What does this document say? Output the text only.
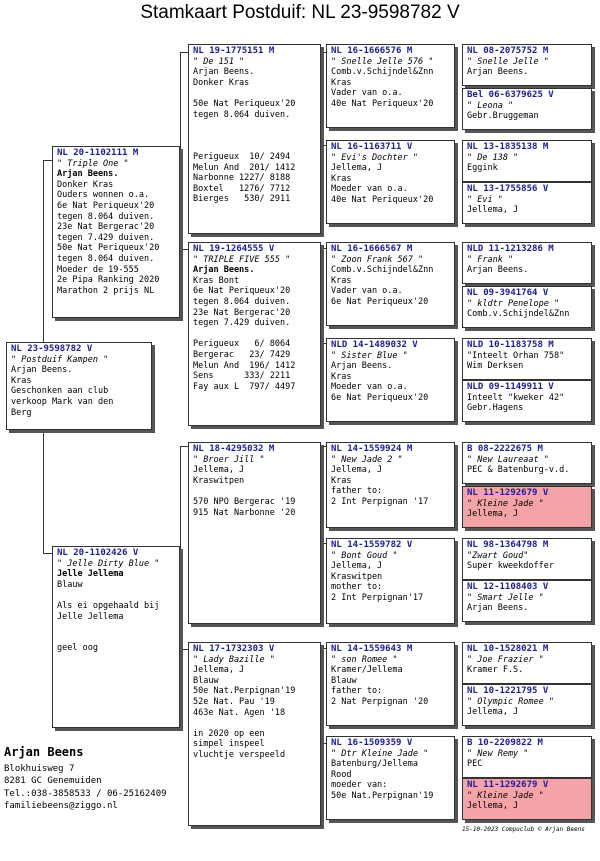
Stamkaart Postduif: NL 23-9598782 V
NL 23-9598782 V
" Postduif Kampen "
Arjan Beens.
Kras
Geschonken aan club
verkoop Mark van den
Berg
NL 20-1102111 M
" Triple One "
Arjan Beens.
Donker Kras
Ouders wonnen o.a.
6e Nat Periqueux'20
tegen 8.064 duiven.
23e Nat Bergerac'20
tegen 7.429 duiven.
50e Nat Periqueux'20
tegen 8.064 duiven.
Moeder de 19-555
2e Pipa Ranking 2020
Marathon 2 prijs NL
NL 20-1102426 V
" Jelle Dirty Blue "
Jelle Jellema
Blauw
Als ei opgehaald bij
Jelle Jellema
geel oog
NL 19-1775151 M
" De 151 "
Arjan Beens.
Donker Kras
50e Nat Periqueux'20
tegen 8.064 duiven.
Perigueux  10/ 2494
Melun And  201/ 1412
Narbonne 1227/ 8188
Boxtel   1276/ 7712
Bierges   530/ 2911
NL 19-1264555 V
" TRIPLE FIVE 555 "
Arjan Beens.
Kras Bont
6e Nat Periqueux'20
tegen 8.064 duiven.
23e Nat Bergerac'20
tegen 7.429 duiven.
Perigueux   6/ 8064
Bergerac   23/ 7429
Melun And  196/ 1412
Sens      333/ 2211
Fay aux L  797/ 4497
NL 18-4295032 M
" Broer Jill "
Jellema, J
Kraswitpen
570 NPO Bergerac '19
915 Nat Narbonne '20
NL 17-1732303 V
" Lady Bazille "
Jellema, J
Blauw
50e Nat.Perpignan'19
52e Nat. Pau '19
463e Nat. Agen '18
in 2020 op een
simpel inspeel
vluchtje verspeeld
NL 16-1666576 M
" Snelle Jelle 576 "
Comb.v.Schijndel&Znn
Kras
Vader van o.a.
40e Nat Periqueux'20
NL 16-1163711 V
" Evi's Dochter "
Jellema, J
Kras
Moeder van o.a.
40e Nat Periqueux'20
NL 16-1666567 M
" Zoon Frank 567 "
Comb.v.Schijndel&Znn
Kras
Vader van o.a.
6e Nat Periqueux'20
NLD 14-1489032 V
" Sister Blue "
Arjan Beens.
Kras
Moeder van o.a.
6e Nat Periqueux'20
NL 14-1559924 M
" New Jade 2 "
Jellema, J
Kras
father to:
2 Int Perpignan '17
NL 14-1559782 V
" Bont Goud "
Jellema, J
Kraswitpen
mother to:
2 Int Perpignan'17
NL 14-1559643 M
" son Romee "
Kramer/Jellema
Blauw
father to:
2 Nat Perpignan '20
NL 16-1509359 V
" Dtr Kleine Jade "
Batenburg/Jellema
Rood
moeder van:
50e Nat.Perpignan'19
NL 08-2075752 M
" Snelle Jelle "
Arjan Beens.
Bel 06-6379625 V
" Leona "
Gebr.Bruggeman
NL 13-1835138 M
" De 138 "
Eggink
NL 13-1755856 V
" Evi "
Jellema, J
NLD 11-1213286 M
" Frank "
Arjan Beens.
NL 09-3941764 V
" kldtr Penelope "
Comb.v.Schijndel&Znn
NLD 10-1183758 M
"Inteelt Orhan 758"
Wim Derksen
NLD 09-1149911 V
Inteelt "kweker 42"
Gebr.Hagens
B 08-2222675 M
" New Laureaat "
PEC & Batenburg-v.d.
NL 11-1292679 V
" Kleine Jade "
Jellema, J
NL 98-1364798 M
"Zwart Goud"
Super kweekdoffer
NL 12-1108403 V
" Smart Jelle "
Arjan Beens.
NL 10-1528021 M
" Joe Frazier "
Kramer F.S.
NL 10-1221795 V
" Olympic Romee "
Jellema, J
B 10-2209822 M
" New Remy "
PEC
NL 11-1292679 V
" Kleine Jade "
Jellema, J
Arjan Beens
Blokhuisweg 7
8281 GC Genemuiden
Tel.:038-3858533 / 06-25162409
familiebeens@ziggo.nl
15-10-2023 Compuclub © Arjan Beens
